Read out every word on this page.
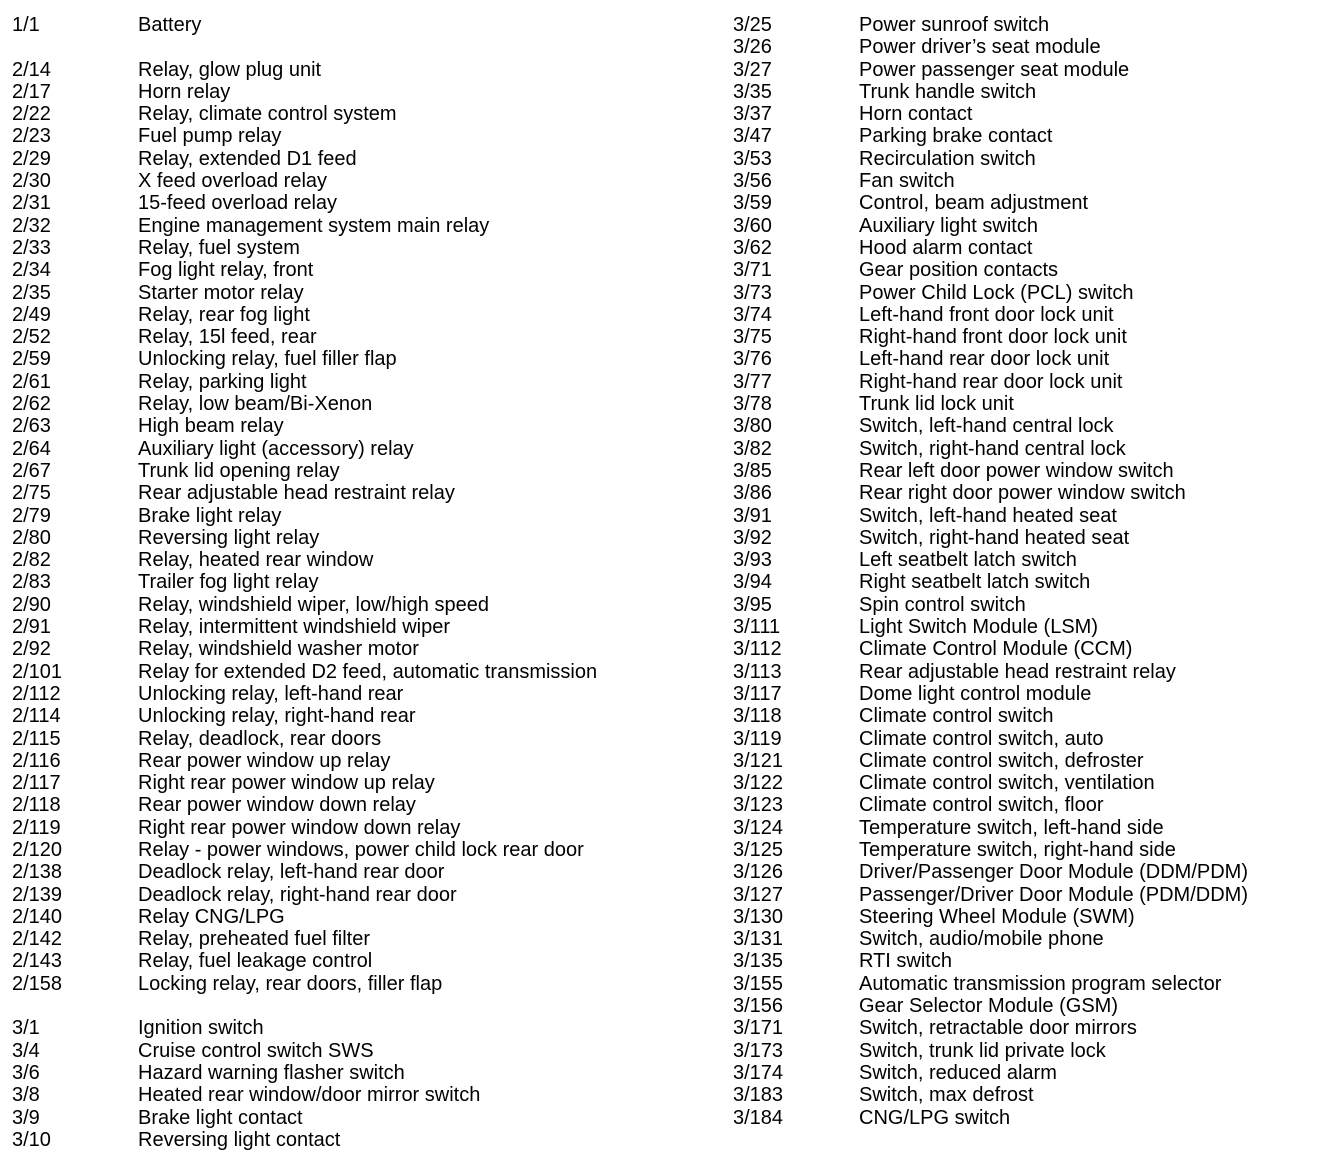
1/1	Battery
2/14	Relay, glow plug unit
2/17	Horn relay
2/22	Relay, climate control system
2/23	Fuel pump relay
2/29	Relay, extended D1 feed
2/30	X feed overload relay
2/31	15-feed overload relay
2/32	Engine management system main relay
2/33	Relay, fuel system
2/34	Fog light relay, front
2/35	Starter motor relay
2/49	Relay, rear fog light
2/52	Relay, 15l feed, rear
2/59	Unlocking relay, fuel filler flap
2/61	Relay, parking light
2/62	Relay, low beam/Bi-Xenon
2/63	High beam relay
2/64	Auxiliary light (accessory) relay
2/67	Trunk lid opening relay
2/75	Rear adjustable head restraint relay
2/79	Brake light relay
2/80	Reversing light relay
2/82	Relay, heated rear window
2/83	Trailer fog light relay
2/90	Relay, windshield wiper, low/high speed
2/91	Relay, intermittent windshield wiper
2/92	Relay, windshield washer motor
2/101	Relay for extended D2 feed, automatic transmission
2/112	Unlocking relay, left-hand rear
2/114	Unlocking relay, right-hand rear
2/115	Relay, deadlock, rear doors
2/116	Rear power window up relay
2/117	Right rear power window up relay
2/118	Rear power window down relay
2/119	Right rear power window down relay
2/120	Relay - power windows, power child lock rear door
2/138	Deadlock relay, left-hand rear door
2/139	Deadlock relay, right-hand rear door
2/140	Relay CNG/LPG
2/142	Relay, preheated fuel filter
2/143	Relay, fuel leakage control
2/158	Locking relay, rear doors, filler flap
3/1	Ignition switch
3/4	Cruise control switch SWS
3/6	Hazard warning flasher switch
3/8	Heated rear window/door mirror switch
3/9	Brake light contact
3/10	Reversing light contact
3/25	Power sunroof switch
3/26	Power driver’s seat module
3/27	Power passenger seat module
3/35	Trunk handle switch
3/37	Horn contact
3/47	Parking brake contact
3/53	Recirculation switch
3/56	Fan switch
3/59	Control, beam adjustment
3/60	Auxiliary light switch
3/62	Hood alarm contact
3/71	Gear position contacts
3/73	Power Child Lock (PCL) switch
3/74	Left-hand front door lock unit
3/75	Right-hand front door lock unit
3/76	Left-hand rear door lock unit
3/77	Right-hand rear door lock unit
3/78	Trunk lid lock unit
3/80	Switch, left-hand central lock
3/82	Switch, right-hand central lock
3/85	Rear left door power window switch
3/86	Rear right door power window switch
3/91	Switch, left-hand heated seat
3/92	Switch, right-hand heated seat
3/93	Left seatbelt latch switch
3/94	Right seatbelt latch switch
3/95	Spin control switch
3/111	Light Switch Module (LSM)
3/112	Climate Control Module (CCM)
3/113	Rear adjustable head restraint relay
3/117	Dome light control module
3/118	Climate control switch
3/119	Climate control switch, auto
3/121	Climate control switch, defroster
3/122	Climate control switch, ventilation
3/123	Climate control switch, floor
3/124	Temperature switch, left-hand side
3/125	Temperature switch, right-hand side
3/126	Driver/Passenger Door Module (DDM/PDM)
3/127	Passenger/Driver Door Module (PDM/DDM)
3/130	Steering Wheel Module (SWM)
3/131	Switch, audio/mobile phone
3/135	RTI switch
3/155	Automatic transmission program selector
3/156	Gear Selector Module (GSM)
3/171	Switch, retractable door mirrors
3/173	Switch, trunk lid private lock
3/174	Switch, reduced alarm
3/183	Switch, max defrost
3/184	CNG/LPG switch
